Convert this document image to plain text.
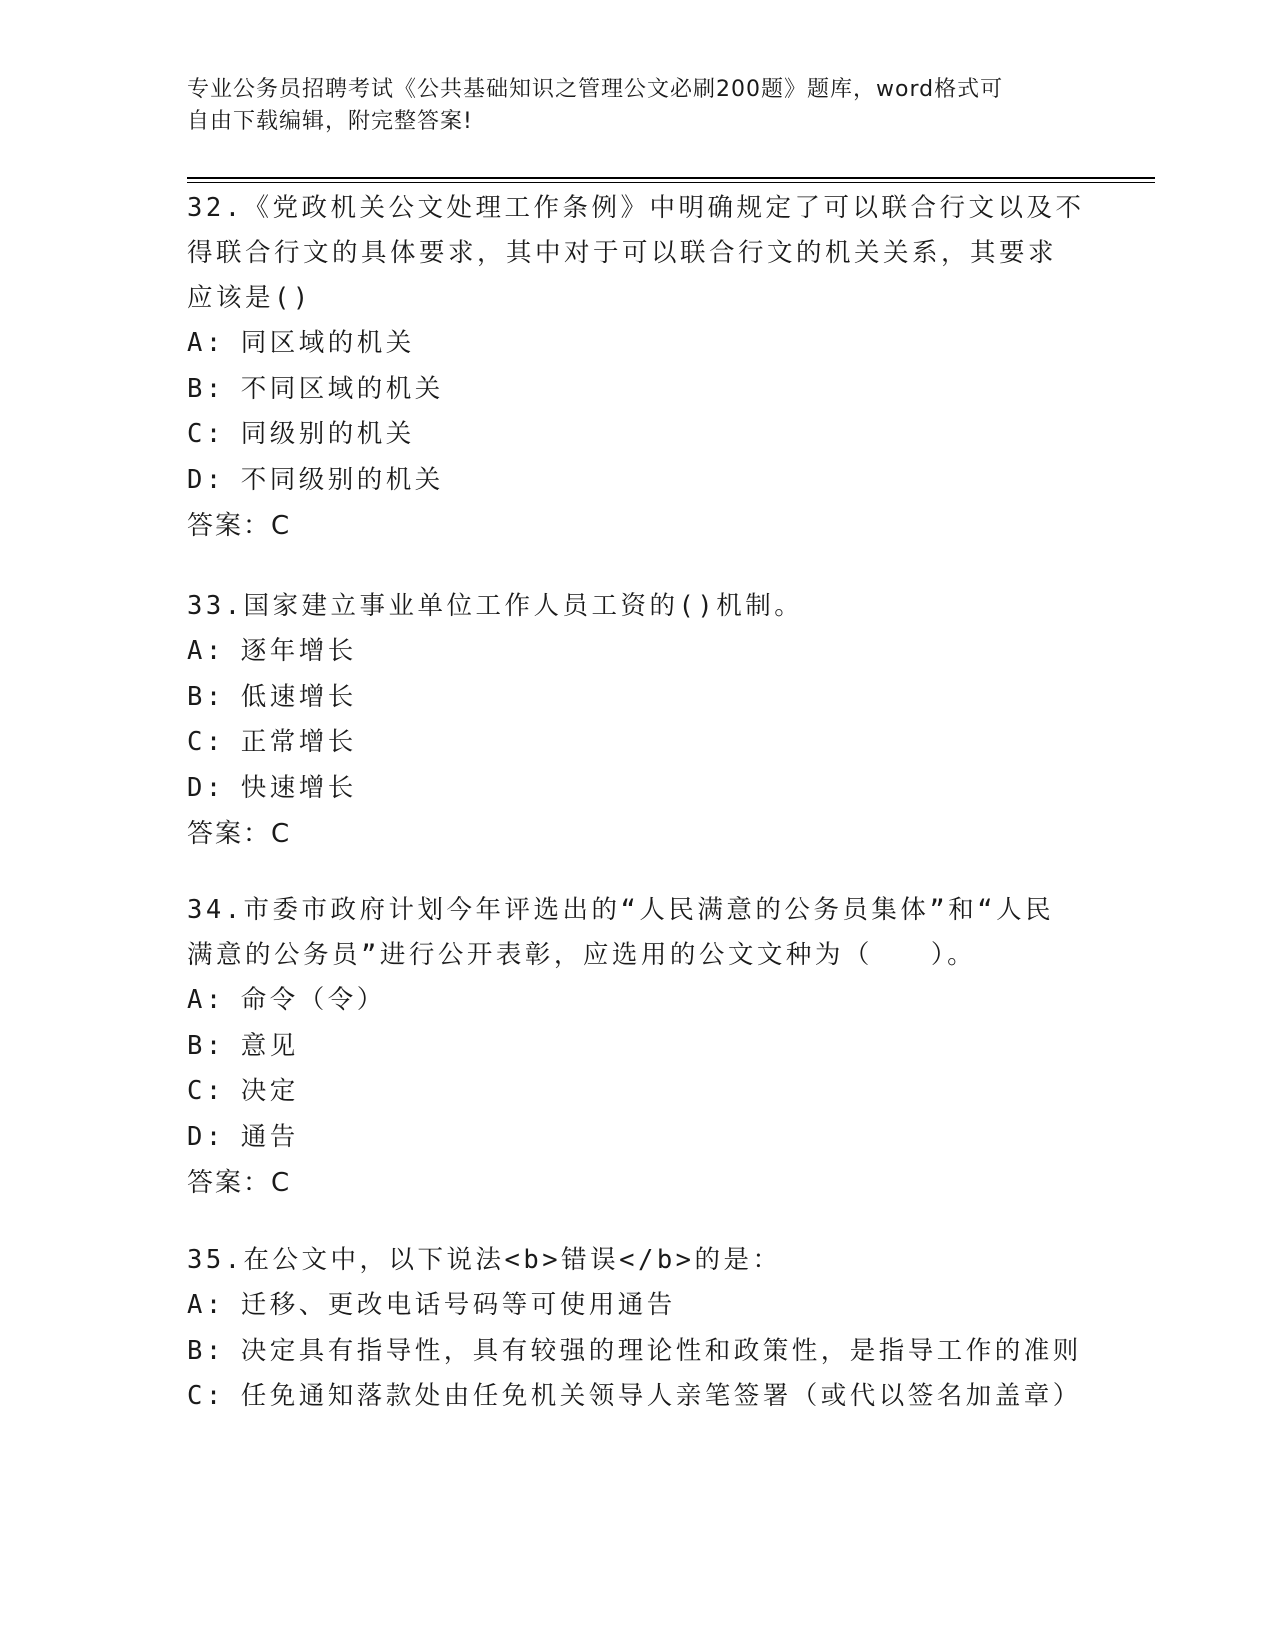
专业公务员招聘考试《公共基础知识之管理公文必刷200题》题库，word格式可
自由下载编辑，附完整答案!

32.《党政机关公文处理工作条例》中明确规定了可以联合行文以及不

得联合行文的具体要求，其中对于可以联合行文的机关关系，其要求

应该是()

A: 同区域的机关

B: 不同区域的机关

C: 同级别的机关

D: 不同级别的机关

答案：C

33.国家建立事业单位工作人员工资的()机制。

A: 逐年增长

B: 低速增长

C: 正常增长

D: 快速增长

答案：C

34.市委市政府计划今年评选出的“人民满意的公务员集体”和“人民

满意的公务员”进行公开表彰，应选用的公文文种为（　　）。

A: 命令（令）

B: 意见

C: 决定

D: 通告

答案：C

35.在公文中，以下说法<b>错误</b>的是：

A: 迁移、更改电话号码等可使用通告

B: 决定具有指导性，具有较强的理论性和政策性，是指导工作的准则

C: 任免通知落款处由任免机关领导人亲笔签署（或代以签名加盖章）
